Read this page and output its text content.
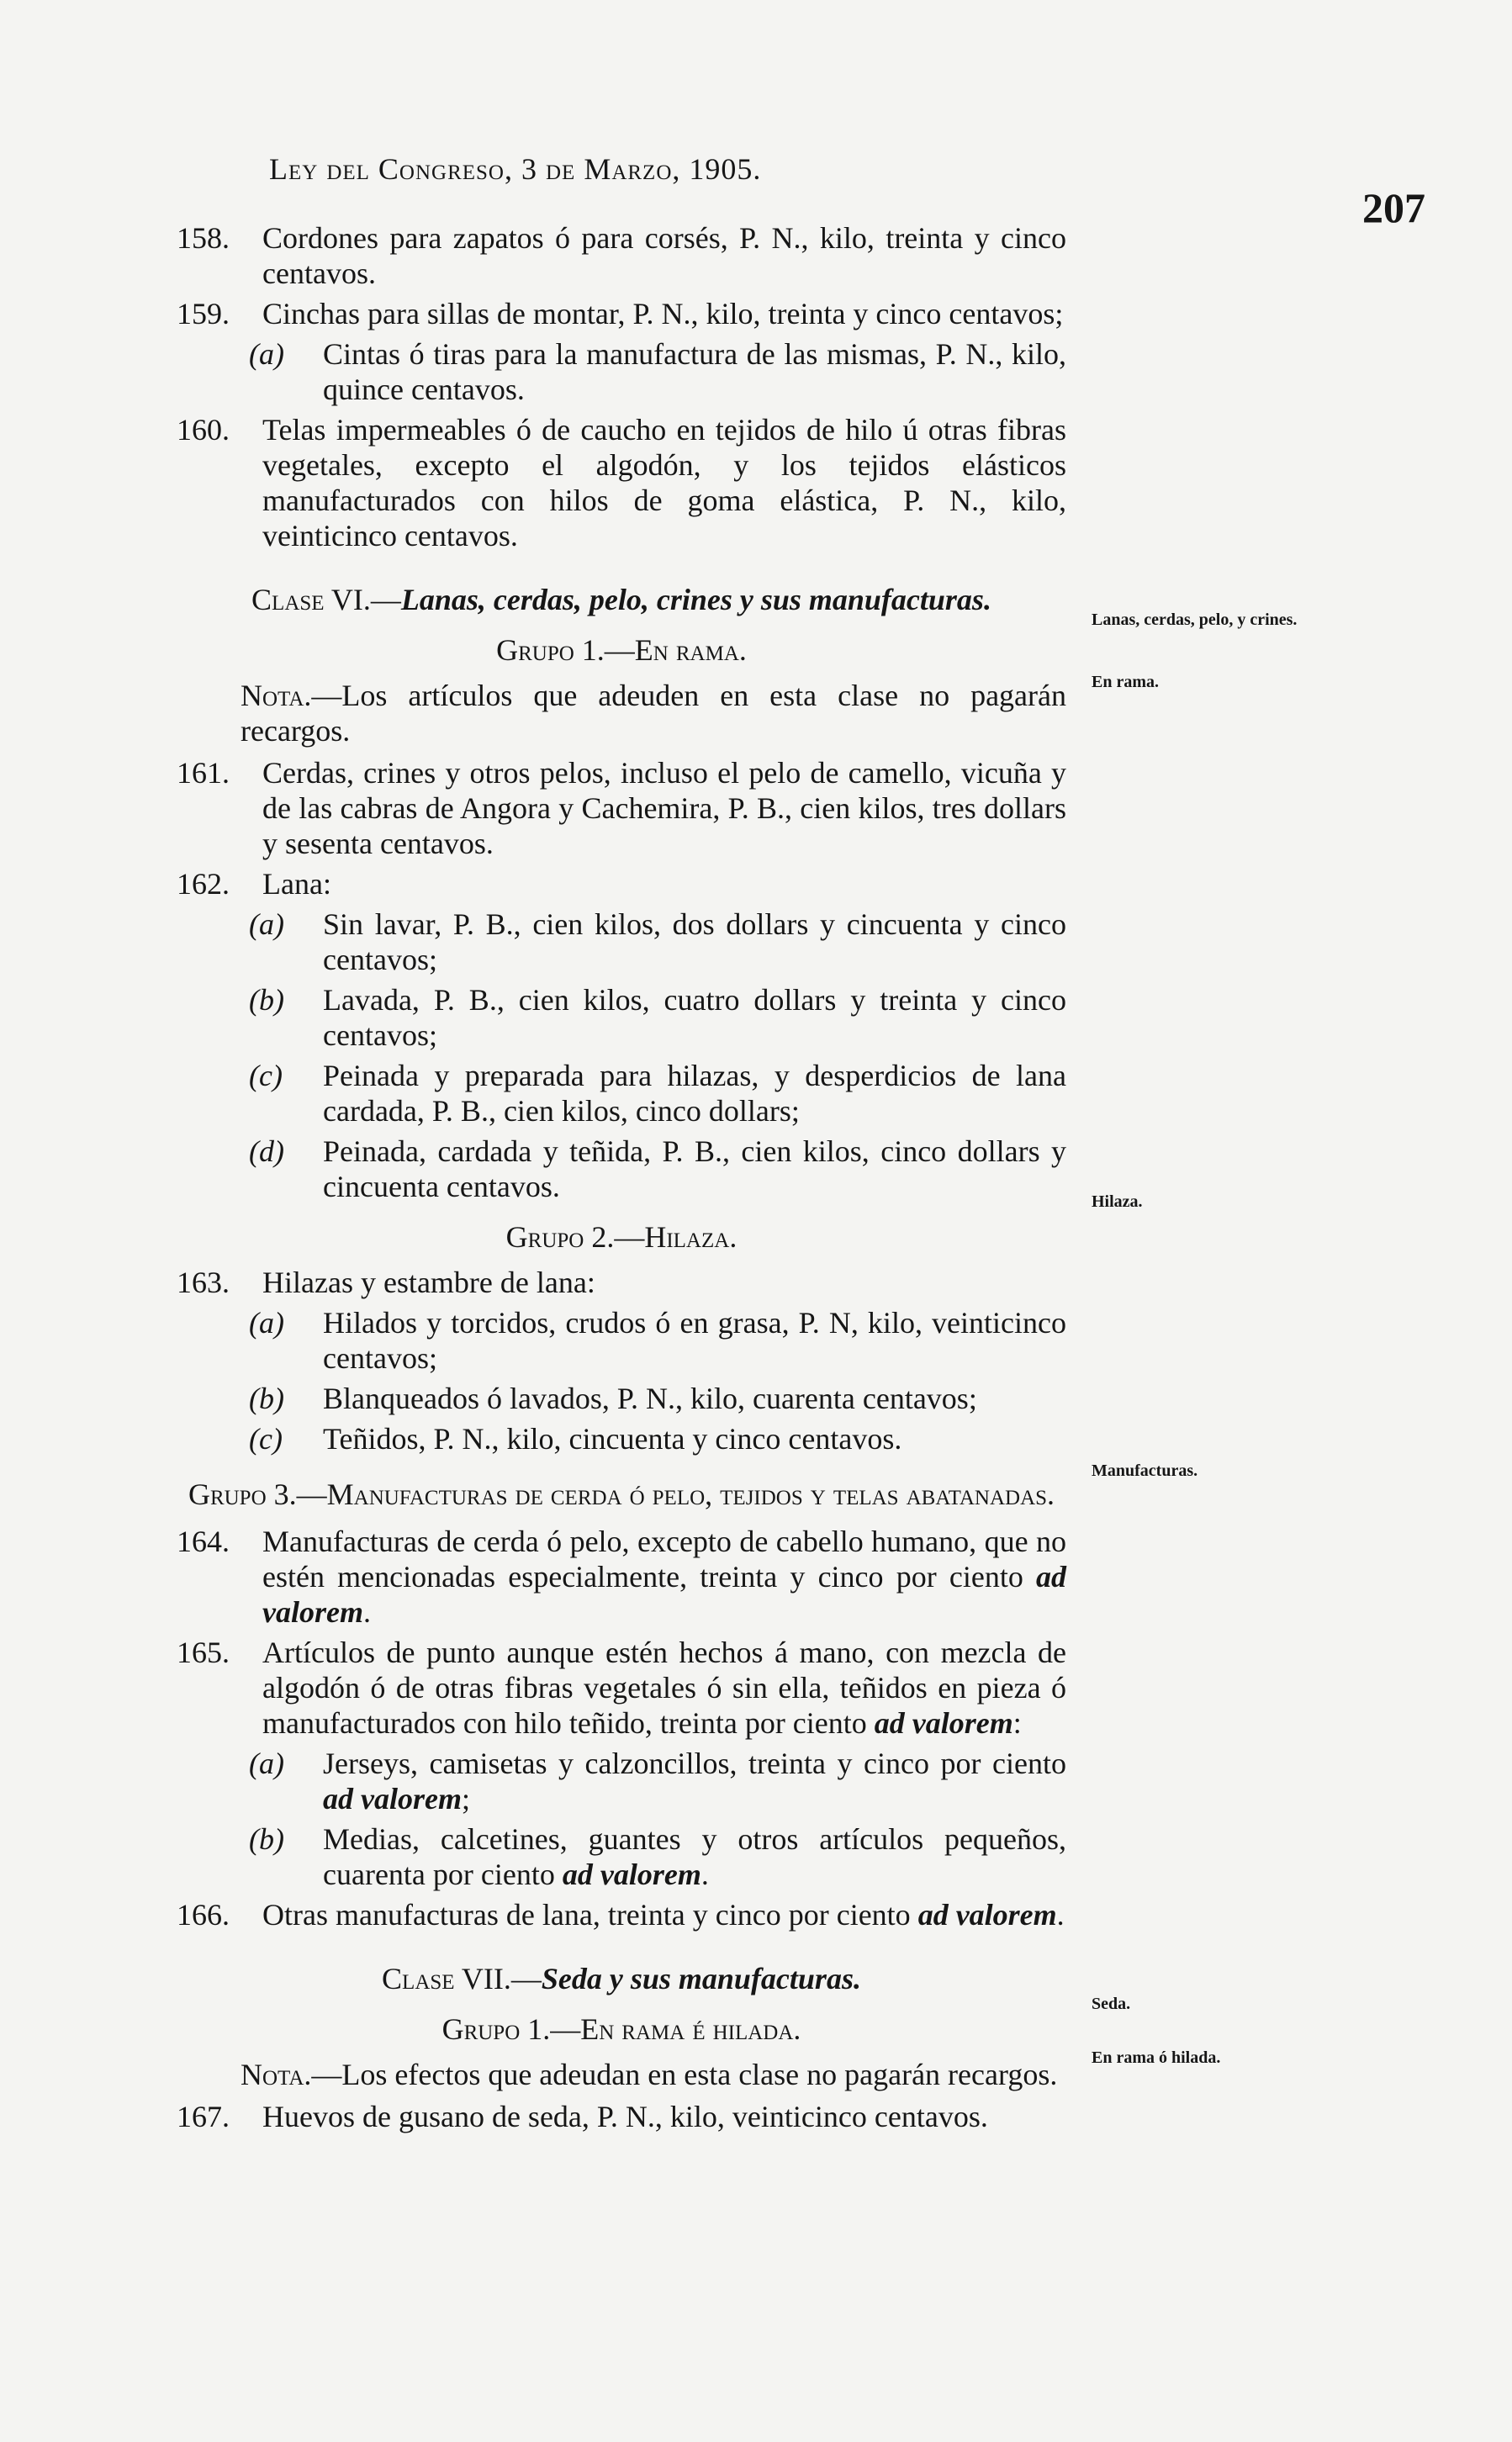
Ley del Congreso, 3 de Marzo, 1905.
207
158. Cordones para zapatos ó para corsés, P. N., kilo, treinta y cinco centavos.
159. Cinchas para sillas de montar, P. N., kilo, treinta y cinco centavos;
(a) Cintas ó tiras para la manufactura de las mismas, P. N., kilo, quince centavos.
160. Telas impermeables ó de caucho en tejidos de hilo ú otras fibras vegetales, excepto el algodón, y los tejidos elásticos manufacturados con hilos de goma elástica, P. N., kilo, veinticinco centavos.
Clase VI.—Lanas, cerdas, pelo, crines y sus manufacturas.
Grupo 1.—En rama.
Nota.—Los artículos que adeuden en esta clase no pagarán recargos.
161. Cerdas, crines y otros pelos, incluso el pelo de camello, vicuña y de las cabras de Angora y Cachemira, P. B., cien kilos, tres dollars y sesenta centavos.
162. Lana:
(a) Sin lavar, P. B., cien kilos, dos dollars y cincuenta y cinco centavos;
(b) Lavada, P. B., cien kilos, cuatro dollars y treinta y cinco centavos;
(c) Peinada y preparada para hilazas, y desperdicios de lana cardada, P. B., cien kilos, cinco dollars;
(d) Peinada, cardada y teñida, P. B., cien kilos, cinco dollars y cincuenta centavos.
Grupo 2.—Hilaza.
163. Hilazas y estambre de lana:
(a) Hilados y torcidos, crudos ó en grasa, P. N, kilo, veinticinco centavos;
(b) Blanqueados ó lavados, P. N., kilo, cuarenta centavos;
(c) Teñidos, P. N., kilo, cincuenta y cinco centavos.
Grupo 3.—Manufacturas de cerda ó pelo, tejidos y telas abatanadas.
164. Manufacturas de cerda ó pelo, excepto de cabello humano, que no estén mencionadas especialmente, treinta y cinco por ciento ad valorem.
165. Artículos de punto aunque estén hechos á mano, con mezcla de algodón ó de otras fibras vegetales ó sin ella, teñidos en pieza ó manufacturados con hilo teñido, treinta por ciento ad valorem:
(a) Jerseys, camisetas y calzoncillos, treinta y cinco por ciento ad valorem;
(b) Medias, calcetines, guantes y otros artículos pequeños, cuarenta por ciento ad valorem.
166. Otras manufacturas de lana, treinta y cinco por ciento ad valorem.
Clase VII.—Seda y sus manufacturas.
Grupo 1.—En rama é hilada.
Nota.—Los efectos que adeudan en esta clase no pagarán recargos.
167. Huevos de gusano de seda, P. N., kilo, veinticinco centavos.
Lanas, cerdas, pelo, y crines.
En rama.
Hilaza.
Manufacturas.
Seda.
En rama ó hilada.
